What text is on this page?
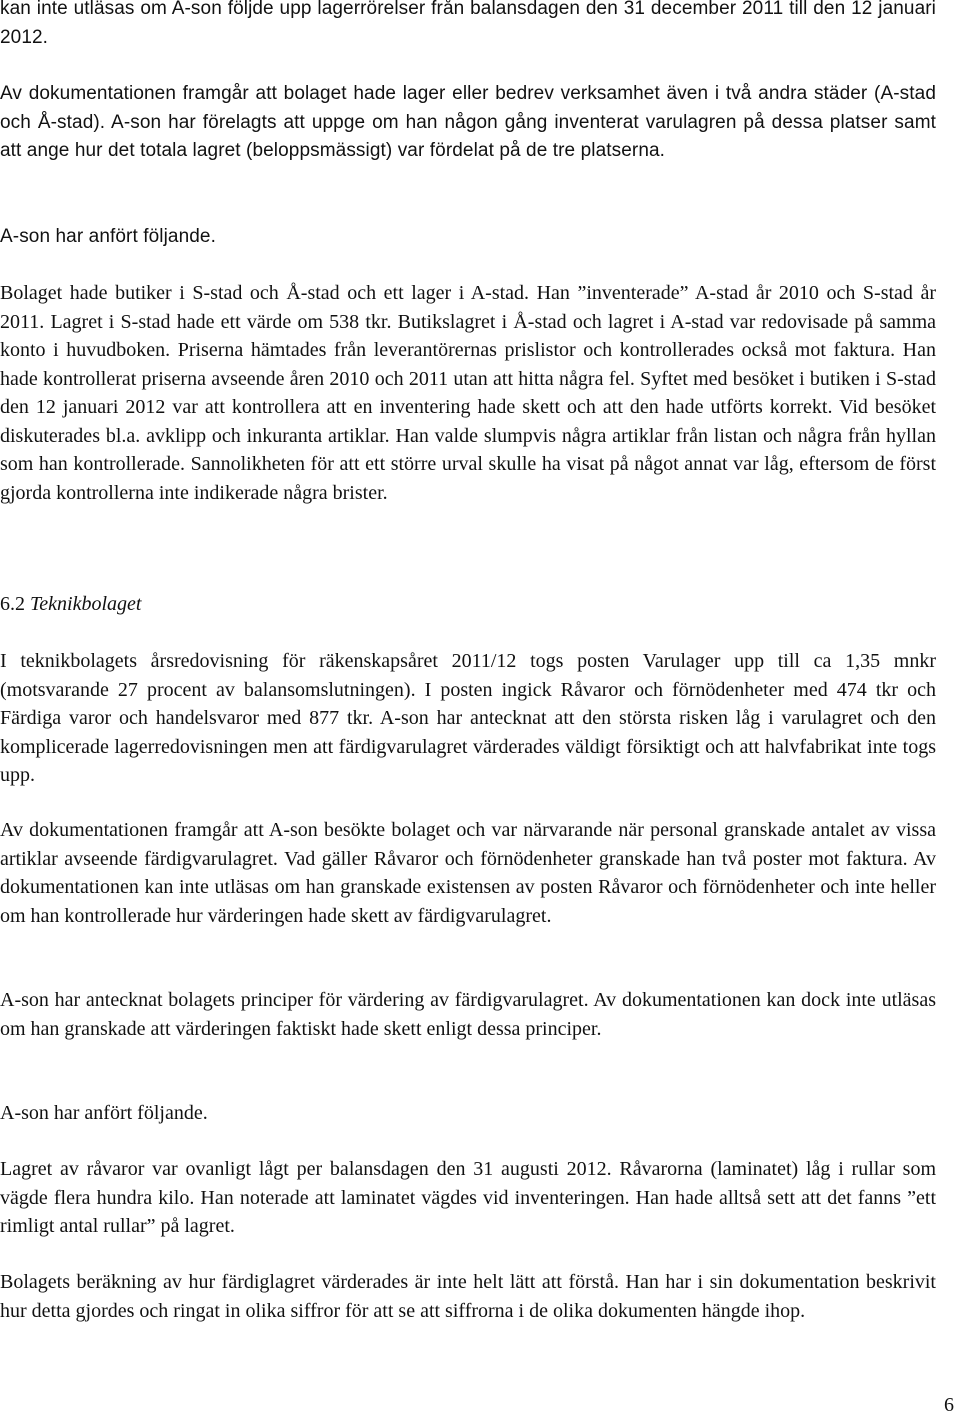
kan inte utläsas om A-son följde upp lagerrörelser från balansdagen den 31 december 2011 till den 12 januari 2012.

Av dokumentationen framgår att bolaget hade lager eller bedrev verksamhet även i två andra städer (A-stad och Å-stad). A-son har förelagts att uppge om han någon gång inventerat varulagren på dessa platser samt att ange hur det totala lagret (beloppsmässigt) var fördelat på de tre platserna.

A-son har anfört följande.

Bolaget hade butiker i S-stad och Å-stad och ett lager i A-stad. Han ”inventerade” A-stad år 2010 och S-stad år 2011. Lagret i S-stad hade ett värde om 538 tkr. Butikslagret i Å-stad och lagret i A-stad var redovisade på samma konto i huvudboken. Priserna hämtades från leverantörernas prislistor och kontrollerades också mot faktura. Han hade kontrollerat priserna avseende åren 2010 och 2011 utan att hitta några fel. Syftet med besöket i butiken i S-stad den 12 januari 2012 var att kontrollera att en inventering hade skett och att den hade utförts korrekt. Vid besöket diskuterades bl.a. avklipp och inkuranta artiklar. Han valde slumpvis några artiklar från listan och några från hyllan som han kontrollerade. Sannolikheten för att ett större urval skulle ha visat på något annat var låg, eftersom de först gjorda kontrollerna inte indikerade några brister.

6.2 Teknikbolaget

I teknikbolagets årsredovisning för räkenskapsåret 2011/12 togs posten Varulager upp till ca 1,35 mnkr (motsvarande 27 procent av balansomslutningen). I posten ingick Råvaror och förnödenheter med 474 tkr och Färdiga varor och handelsvaror med 877 tkr. A-son har antecknat att den största risken låg i varulagret och den komplicerade lagerredovisningen men att färdigvarulagret värderades väldigt försiktigt och att halvfabrikat inte togs upp.

Av dokumentationen framgår att A-son besökte bolaget och var närvarande när personal granskade antalet av vissa artiklar avseende färdigvarulagret. Vad gäller Råvaror och förnödenheter granskade han två poster mot faktura. Av dokumentationen kan inte utläsas om han granskade existensen av posten Råvaror och förnödenheter och inte heller om han kontrollerade hur värderingen hade skett av färdigvarulagret.

A-son har antecknat bolagets principer för värdering av färdigvarulagret. Av dokumentationen kan dock inte utläsas om han granskade att värderingen faktiskt hade skett enligt dessa principer.

A-son har anfört följande.

Lagret av råvaror var ovanligt lågt per balansdagen den 31 augusti 2012. Råvarorna (laminatet) låg i rullar som vägde flera hundra kilo. Han noterade att laminatet vägdes vid inventeringen. Han hade alltså sett att det fanns ”ett rimligt antal rullar” på lagret.

Bolagets beräkning av hur färdiglagret värderades är inte helt lätt att förstå. Han har i sin dokumentation beskrivit hur detta gjordes och ringat in olika siffror för att se att siffrorna i de olika dokumenten hängde ihop.

6
